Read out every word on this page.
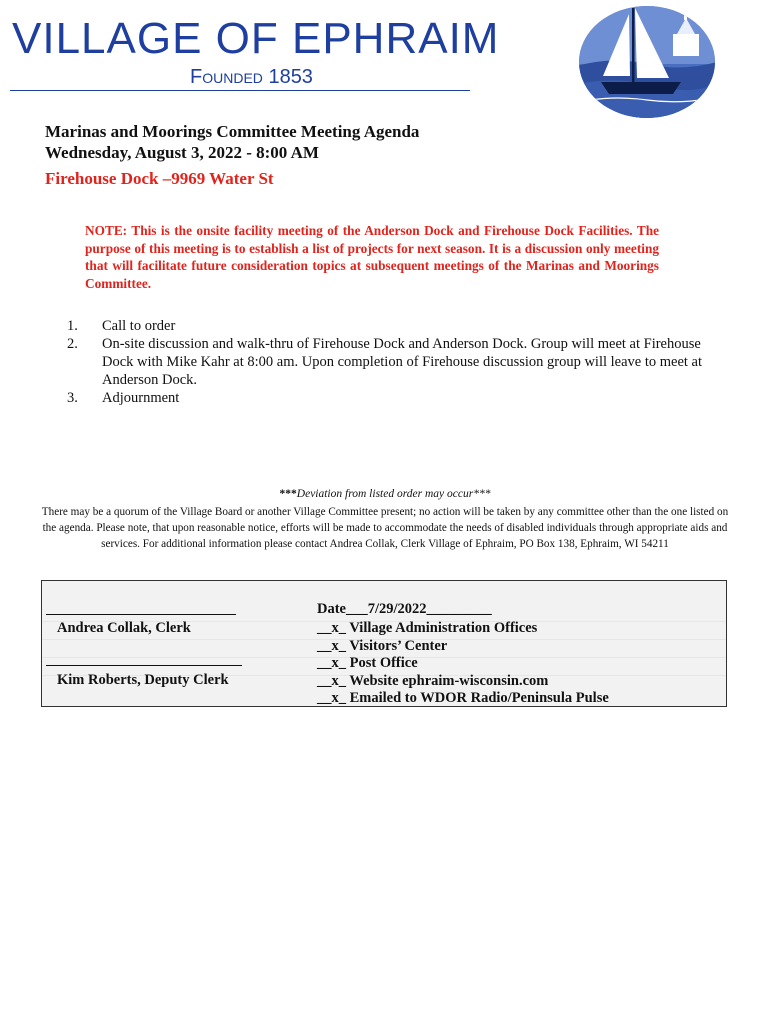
VILLAGE OF EPHRAIM

Founded 1853

Marinas and Moorings Committee Meeting Agenda

Wednesday, August 3, 2022 - 8:00 AM

Firehouse Dock –9969 Water St

NOTE: This is the onsite facility meeting of the Anderson Dock and Firehouse Dock Facilities. The purpose of this meeting is to establish a list of projects for next season. It is a discussion only meeting that will facilitate future consideration topics at subsequent meetings of the Marinas and Moorings Committee.

1. Call to order
2. On-site discussion and walk-thru of Firehouse Dock and Anderson Dock. Group will meet at Firehouse Dock with Mike Kahr at 8:00 am. Upon completion of Firehouse discussion group will leave to meet at Anderson Dock.
3. Adjournment

***Deviation from listed order may occur***

There may be a quorum of the Village Board or another Village Committee present; no action will be taken by any committee other than the one listed on the agenda. Please note, that upon reasonable notice, efforts will be made to accommodate the needs of disabled individuals through appropriate aids and services. For additional information please contact Andrea Collak, Clerk Village of Ephraim, PO Box 138, Ephraim, WI 54211

Andrea Collak, Clerk

Kim Roberts, Deputy Clerk

Date___7/29/2022_________

__x_ Village Administration Offices

__x_ Visitors’ Center

__x_ Post Office

__x_ Website ephraim-wisconsin.com

__x_ Emailed to WDOR Radio/Peninsula Pulse
